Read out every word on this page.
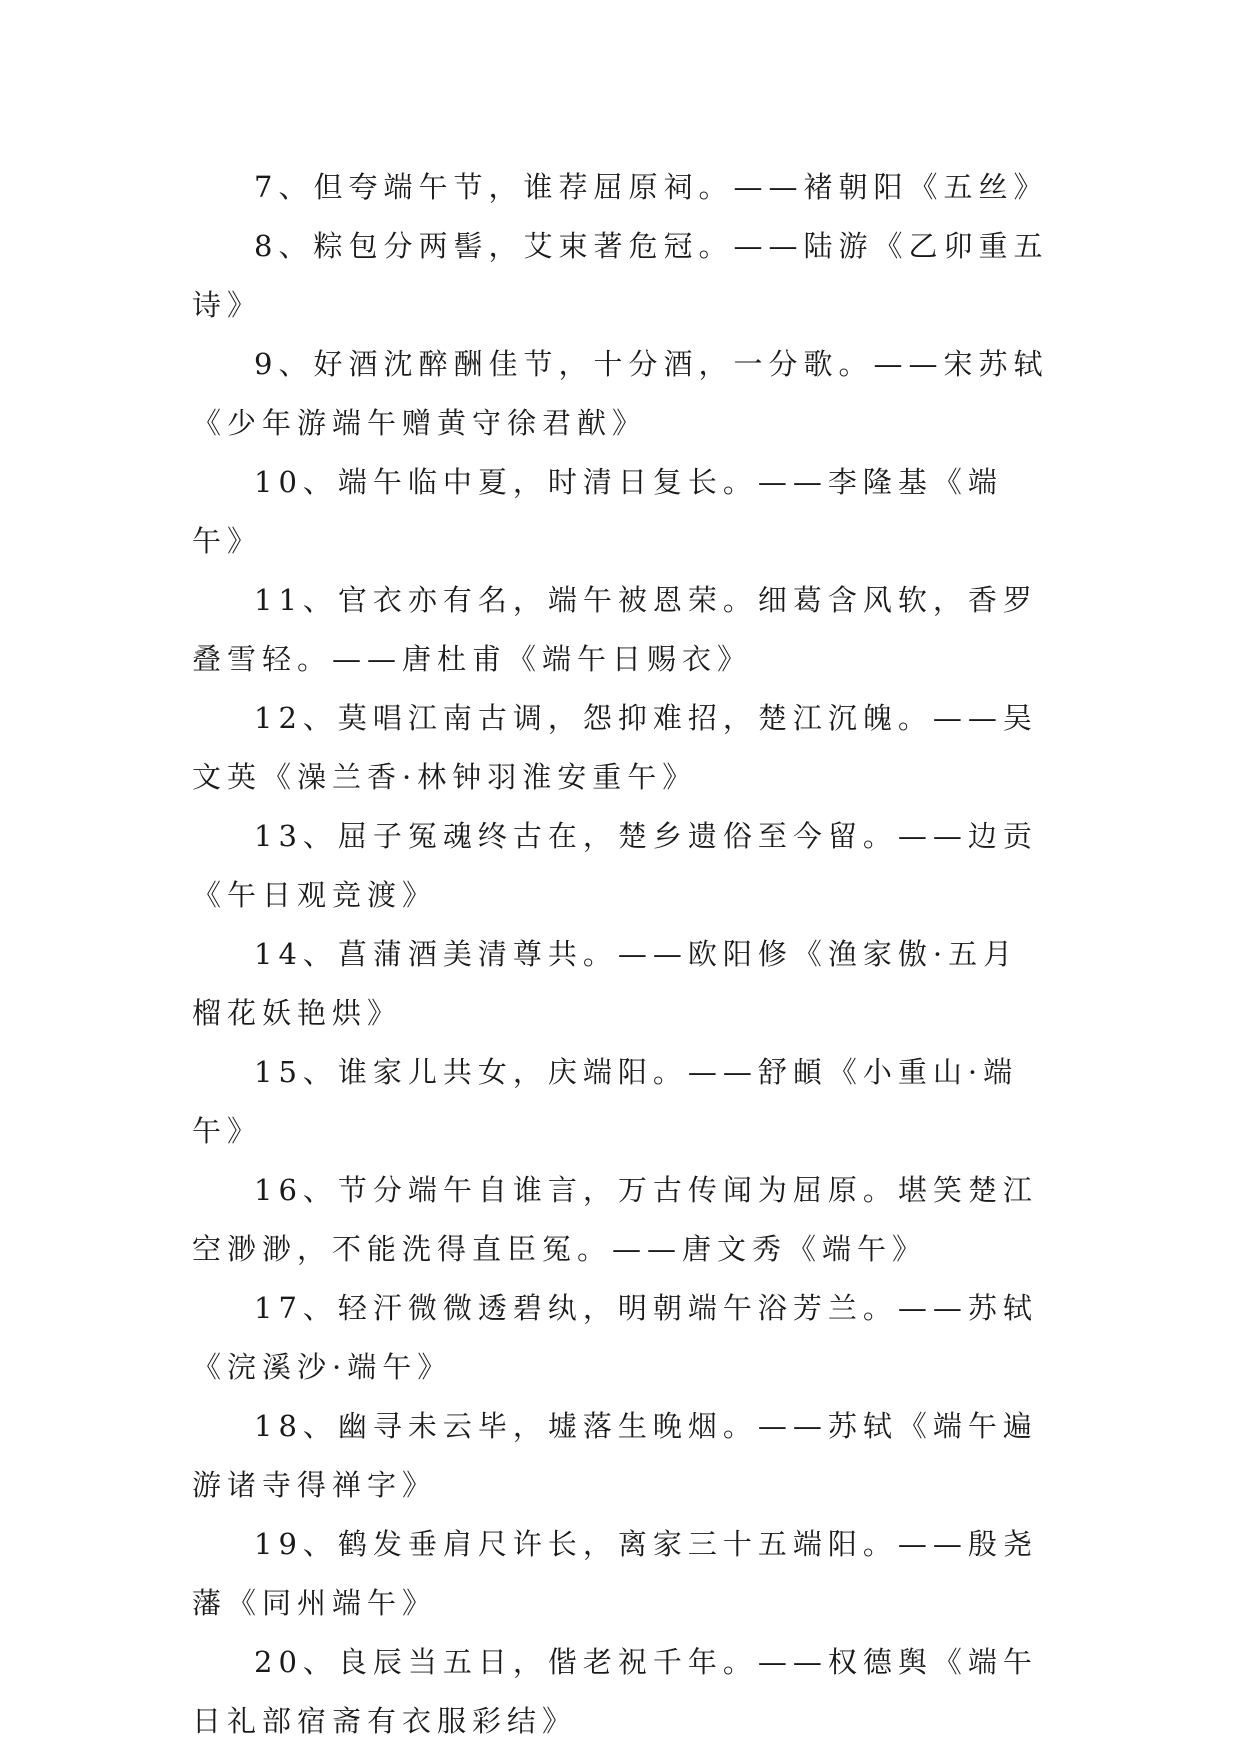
7、但夸端午节，谁荐屈原祠。——褚朝阳《五丝》

8、粽包分两髻，艾束著危冠。——陆游《乙卯重五诗》

9、好酒沈醉酬佳节，十分酒，一分歌。——宋苏轼《少年游端午赠黄守徐君猷》

10、端午临中夏，时清日复长。——李隆基《端午》

11、官衣亦有名，端午被恩荣。细葛含风软，香罗叠雪轻。——唐杜甫《端午日赐衣》

12、莫唱江南古调，怨抑难招，楚江沉魄。——吴文英《澡兰香·林钟羽淮安重午》

13、屈子冤魂终古在，楚乡遗俗至今留。——边贡《午日观竞渡》

14、菖蒲酒美清尊共。——欧阳修《渔家傲·五月榴花妖艳烘》

15、谁家儿共女，庆端阳。——舒頔《小重山·端午》

16、节分端午自谁言，万古传闻为屈原。堪笑楚江空渺渺，不能洗得直臣冤。——唐文秀《端午》

17、轻汗微微透碧纨，明朝端午浴芳兰。——苏轼《浣溪沙·端午》

18、幽寻未云毕，墟落生晚烟。——苏轼《端午遍游诸寺得禅字》

19、鹤发垂肩尺许长，离家三十五端阳。——殷尧藩《同州端午》

20、良辰当五日，偕老祝千年。——权德舆《端午日礼部宿斋有衣服彩结》
